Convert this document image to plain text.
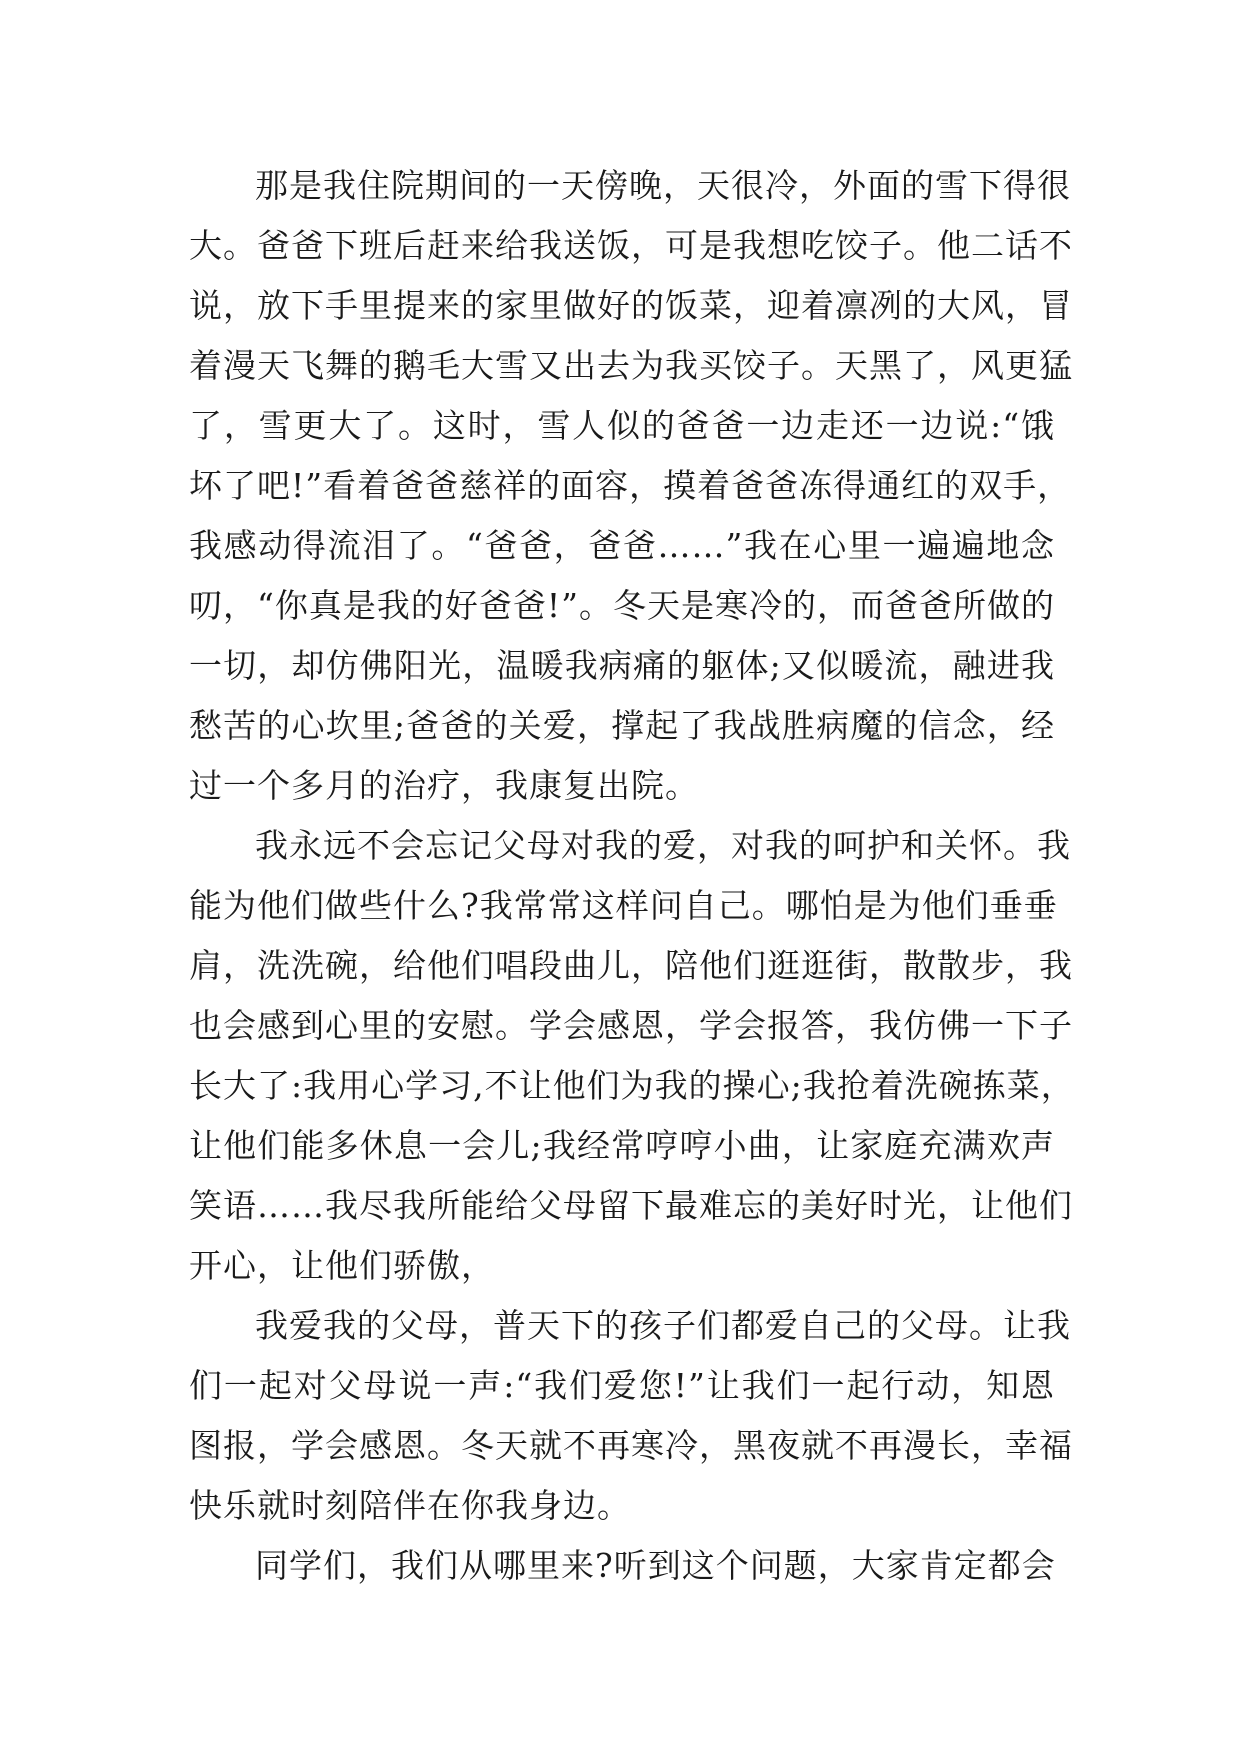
那是我住院期间的一天傍晚，天很冷，外面的雪下得很
大。爸爸下班后赶来给我送饭，可是我想吃饺子。他二话不
说，放下手里提来的家里做好的饭菜，迎着凛冽的大风，冒
着漫天飞舞的鹅毛大雪又出去为我买饺子。天黑了，风更猛
了，雪更大了。这时，雪人似的爸爸一边走还一边说:“饿
坏了吧!”看着爸爸慈祥的面容，摸着爸爸冻得通红的双手，
我感动得流泪了。“爸爸，爸爸……”我在心里一遍遍地念
叨，“你真是我的好爸爸!”。冬天是寒冷的，而爸爸所做的
一切，却仿佛阳光，温暖我病痛的躯体;又似暖流，融进我
愁苦的心坎里;爸爸的关爱，撑起了我战胜病魔的信念，经
过一个多月的治疗，我康复出院。
我永远不会忘记父母对我的爱，对我的呵护和关怀。我
能为他们做些什么?我常常这样问自己。哪怕是为他们垂垂
肩，洗洗碗，给他们唱段曲儿，陪他们逛逛街，散散步，我
也会感到心里的安慰。学会感恩，学会报答，我仿佛一下子
长大了:我用心学习,不让他们为我的操心;我抢着洗碗拣菜，
让他们能多休息一会儿;我经常哼哼小曲，让家庭充满欢声
笑语……我尽我所能给父母留下最难忘的美好时光，让他们
开心，让他们骄傲，
我爱我的父母，普天下的孩子们都爱自己的父母。让我
们一起对父母说一声:“我们爱您!”让我们一起行动，知恩
图报，学会感恩。冬天就不再寒冷，黑夜就不再漫长，幸福
快乐就时刻陪伴在你我身边。
同学们，我们从哪里来?听到这个问题，大家肯定都会
